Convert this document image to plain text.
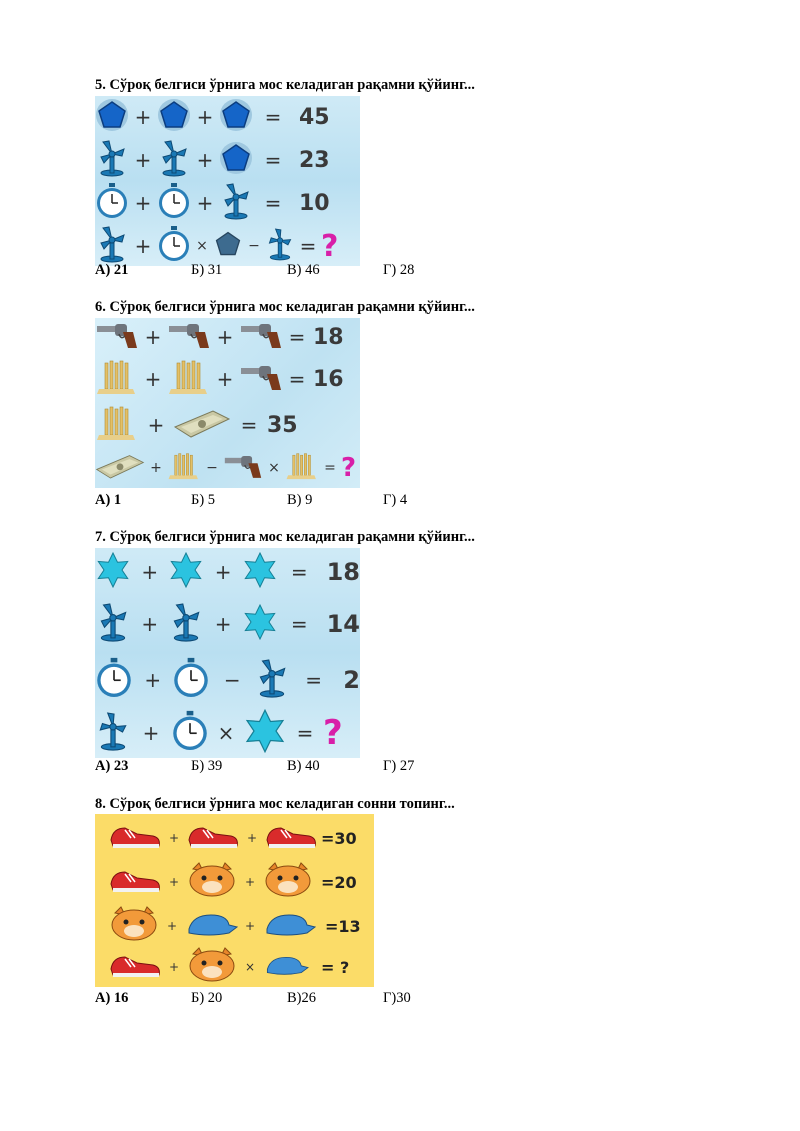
5. Сўроқ белгиси ўрнига мос келадиган рақамни қўйинг...
+ +	= 45
+ +	= 23
+ +	= 10
+	×	− = ?
А) 21	Б) 31	В) 46	Г) 28
6. Сўроқ белгиси ўрнига мос келадиган рақамни қўйинг...
+	+	= 18
+	+	= 16
+	= 35
+	−	×	= ?
А) 1	Б) 5	В) 9	Г) 4
7. Сўроқ белгиси ўрнига мос келадиган рақамни қўйинг...
+	+	= 18
+	+	= 14
+	−	= 2
+	×	= ?
А) 23	Б) 39	В) 40	Г) 27
8. Сўроқ белгиси ўрнига мос келадиган сонни топинг...
+	+	=30
+	+	=20
+	+	=13
+	×	= ?
А) 16	Б) 20	В)26	Г)30
